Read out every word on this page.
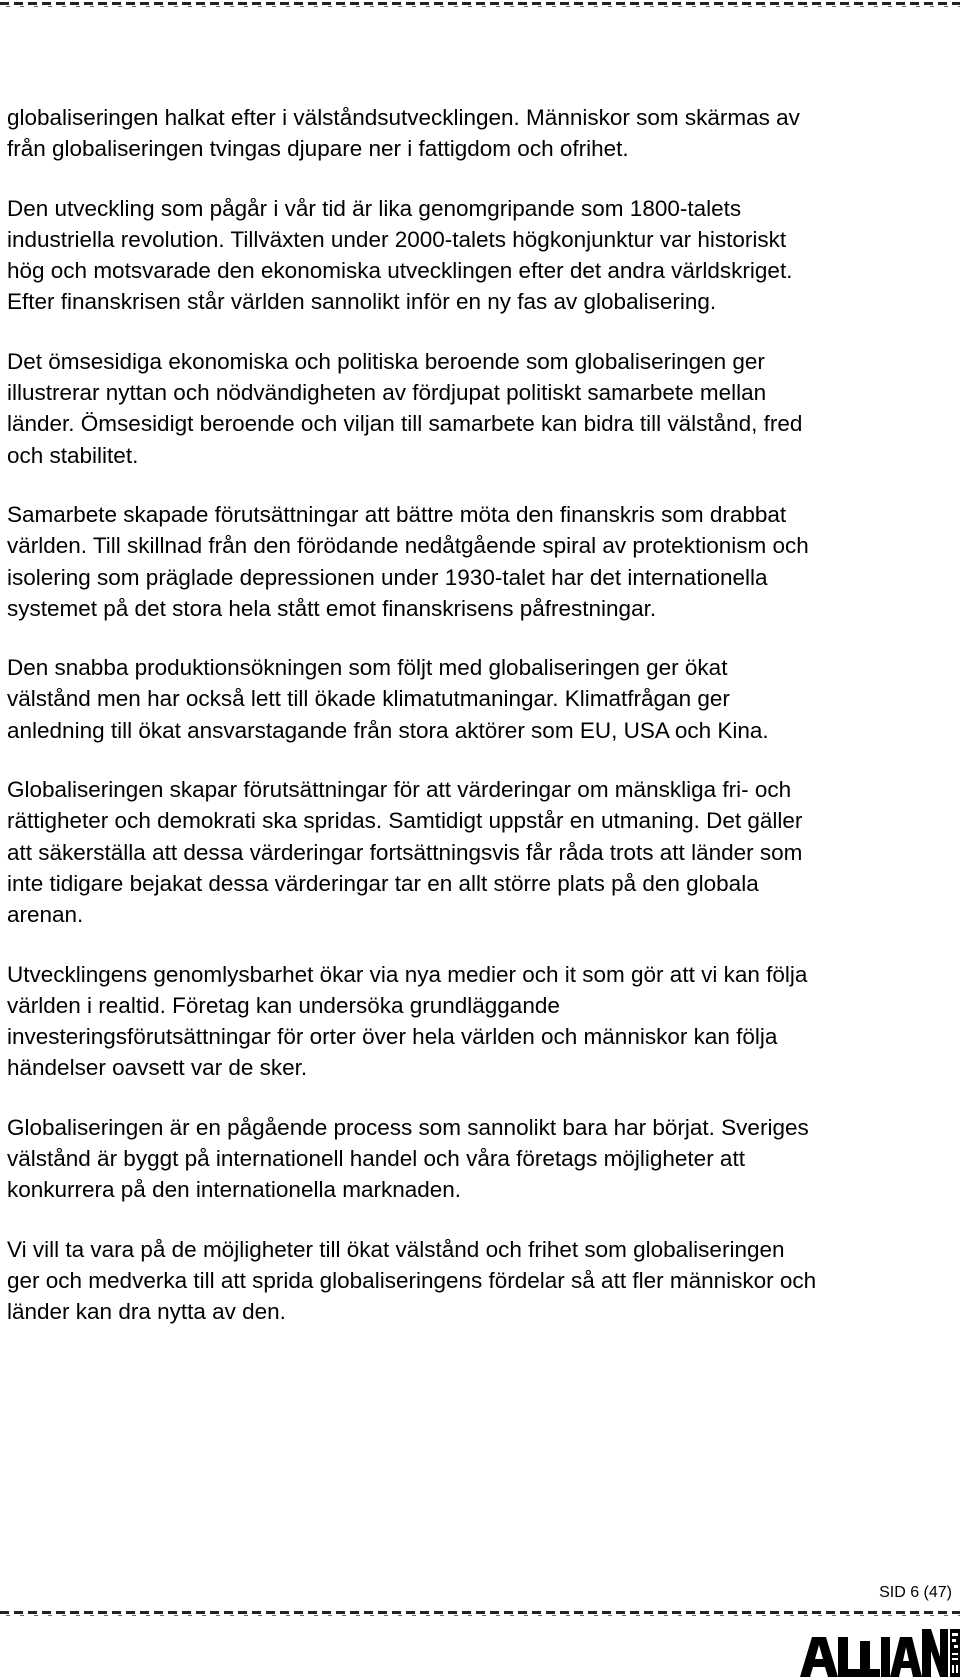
globaliseringen halkat efter i välståndsutvecklingen. Människor som skärmas av
från globaliseringen tvingas djupare ner i fattigdom och ofrihet.

Den utveckling som pågår i vår tid är lika genomgripande som 1800-talets
industriella revolution. Tillväxten under 2000-talets högkonjunktur var historiskt
hög och motsvarade den ekonomiska utvecklingen efter det andra världskriget.
Efter finanskrisen står världen sannolikt inför en ny fas av globalisering.

Det ömsesidiga ekonomiska och politiska beroende som globaliseringen ger
illustrerar nyttan och nödvändigheten av fördjupat politiskt samarbete mellan
länder. Ömsesidigt beroende och viljan till samarbete kan bidra till välstånd, fred
och stabilitet.

Samarbete skapade förutsättningar att bättre möta den finanskris som drabbat
världen. Till skillnad från den förödande nedåtgående spiral av protektionism och
isolering som präglade depressionen under 1930-talet har det internationella
systemet på det stora hela stått emot finanskrisens påfrestningar.

Den snabba produktionsökningen som följt med globaliseringen ger ökat
välstånd men har också lett till ökade klimatutmaningar. Klimatfrågan ger
anledning till ökat ansvarstagande från stora aktörer som EU, USA och Kina.

Globaliseringen skapar förutsättningar för att värderingar om mänskliga fri- och
rättigheter och demokrati ska spridas. Samtidigt uppstår en utmaning. Det gäller
att säkerställa att dessa värderingar fortsättningsvis får råda trots att länder som
inte tidigare bejakat dessa värderingar tar en allt större plats på den globala
arenan.

Utvecklingens genomlysbarhet ökar via nya medier och it som gör att vi kan följa
världen i realtid. Företag kan undersöka grundläggande
investeringsförutsättningar för orter över hela världen och människor kan följa
händelser oavsett var de sker.

Globaliseringen är en pågående process som sannolikt bara har börjat. Sveriges
välstånd är byggt på internationell handel och våra företags möjligheter att
konkurrera på den internationella marknaden.

Vi vill ta vara på de möjligheter till ökat välstånd och frihet som globaliseringen
ger och medverka till att sprida globaliseringens fördelar så att fler människor och
länder kan dra nytta av den.

SID 6 (47)
